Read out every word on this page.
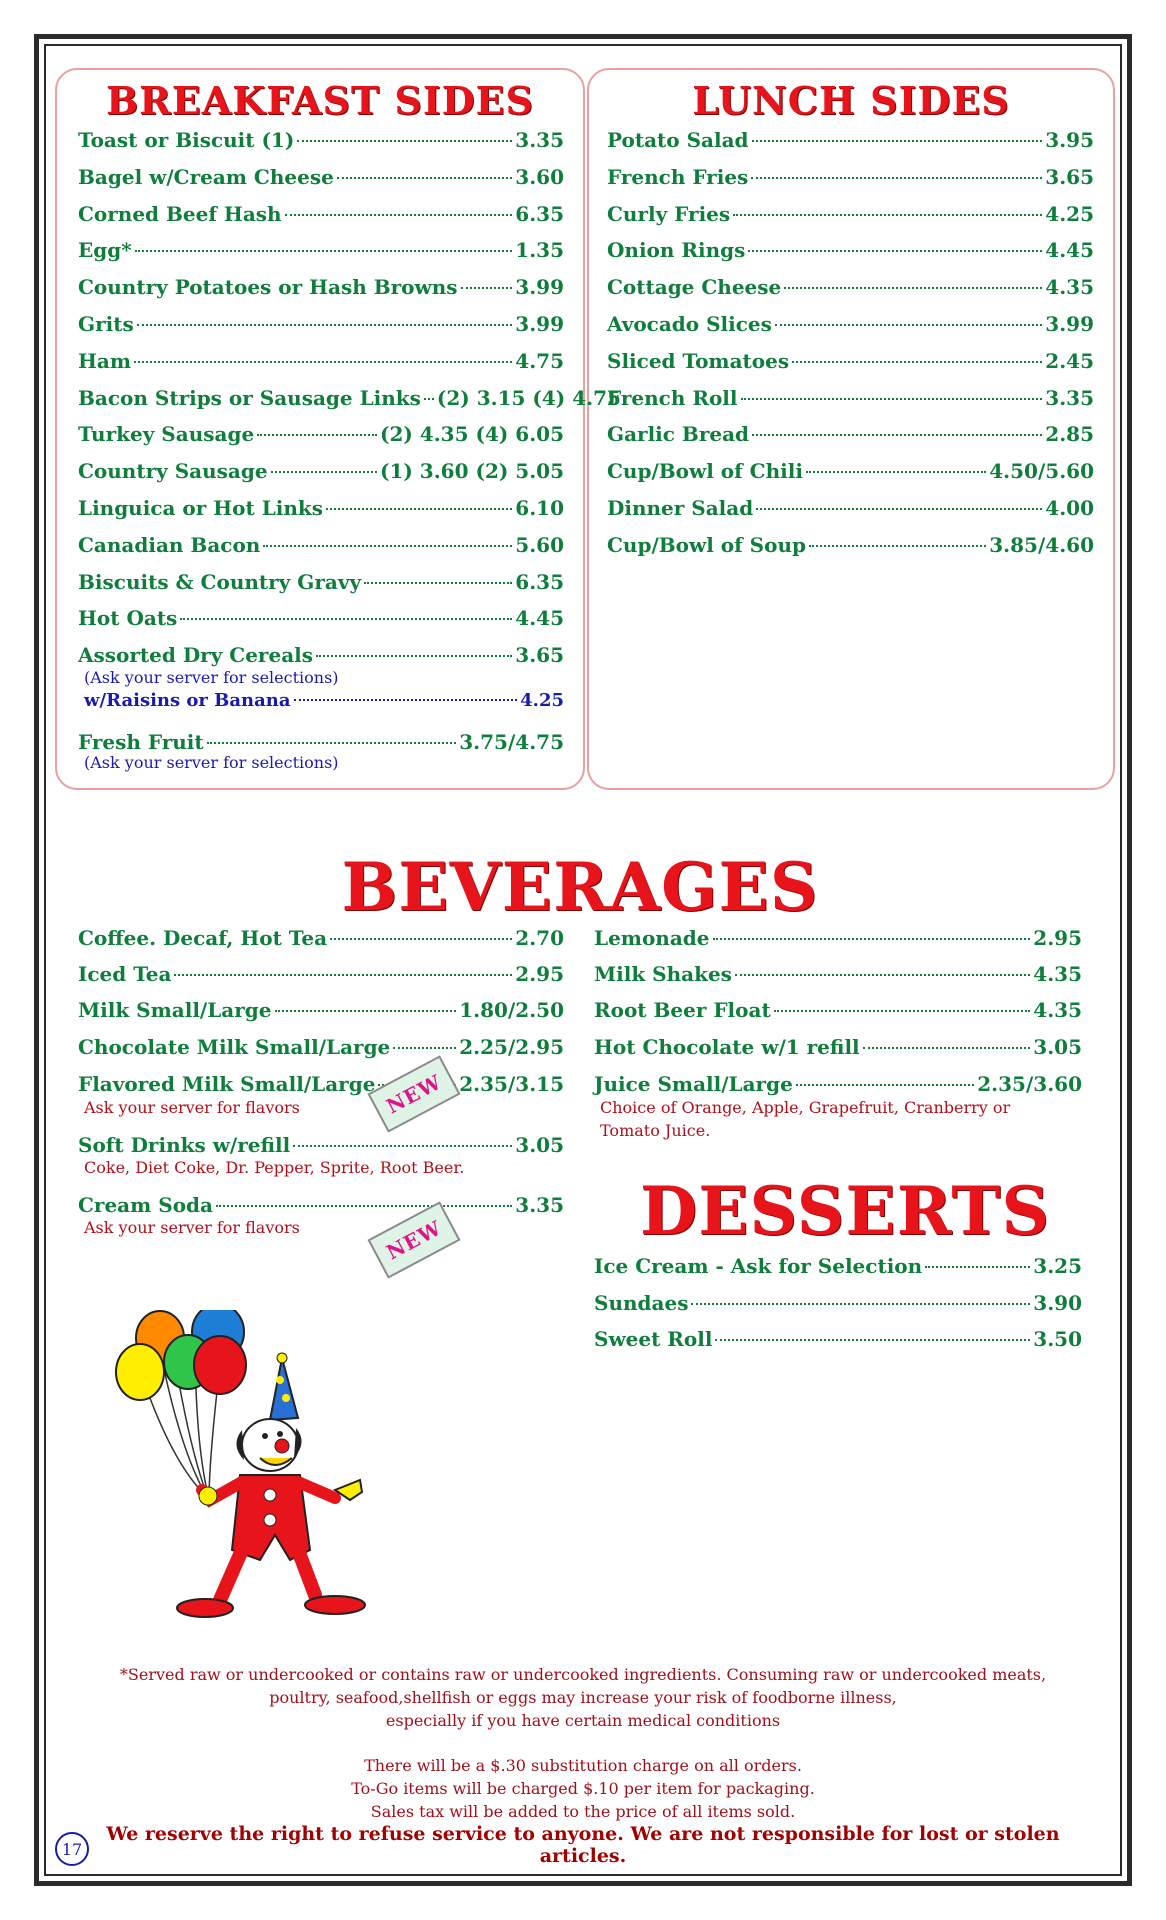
BREAKFAST SIDES	LUNCH SIDES
Toast or Biscuit (1)	3.35
Bagel w/Cream Cheese	3.60
Corned Beef Hash	6.35
Egg*	1.35
Country Potatoes or Hash Browns	3.99
Grits	3.99
Ham	4.75
Bacon Strips or Sausage Links (2) 3.15 (4) 4.75
Turkey Sausage	(2) 4.35 (4) 6.05
Country Sausage	(1) 3.60 (2) 5.05
Linguica or Hot Links	6.10
Canadian Bacon	5.60
Biscuits & Country Gravy	6.35
Hot Oats	4.45
Assorted Dry Cereals	3.65
Fresh Fruit	3.75/4.75
(Ask your server for selections)
w/Raisins or Banana	4.25
(Ask your server for selections)
Potato Salad	3.95
French Fries	3.65
Curly Fries	4.25
Onion Rings	4.45
Cottage Cheese	4.35
Avocado Slices	3.99
Sliced Tomatoes	2.45
French Roll	3.35
Garlic Bread	2.85
Cup/Bowl of Chili	4.50/5.60
Dinner Salad	4.00
Cup/Bowl of Soup	3.85/4.60
BEVERAGES
Coffee. Decaf, Hot Tea	2.70
Iced Tea	2.95
Milk Small/Large	1.80/2.50
Chocolate Milk Small/Large	2.25/2.95
Flavored Milk Small/Large	2.35/3.15
Soft Drinks w/refill	3.05
Cream Soda	3.35
Lemonade	2.95
Milk Shakes	4.35
Root Beer Float	4.35
Hot Chocolate w/1 refill	3.05
Juice Small/Large	2.35/3.60
Ask your server for flavors
Coke, Diet Coke, Dr. Pepper, Sprite, Root Beer.
Ask your server for flavors
Choice of Orange, Apple, Grapefruit, Cranberry or
Tomato Juice.
NEW
NEW	DESSERTS
Ice Cream - Ask for Selection	3.25
Sundaes	3.90
Sweet Roll	3.50
*Served raw or undercooked or contains raw or undercooked ingredients. Consuming raw or undercooked meats,
poultry, seafood,shellfish or eggs may increase your risk of foodborne illness,
especially if you have certain medical conditions
There will be a $.30 substitution charge on all orders.
To-Go items will be charged $.10 per item for packaging.
Sales tax will be added to the price of all items sold.
We reserve the right to refuse service to anyone. We are not responsible for lost or stolen articles.
17
